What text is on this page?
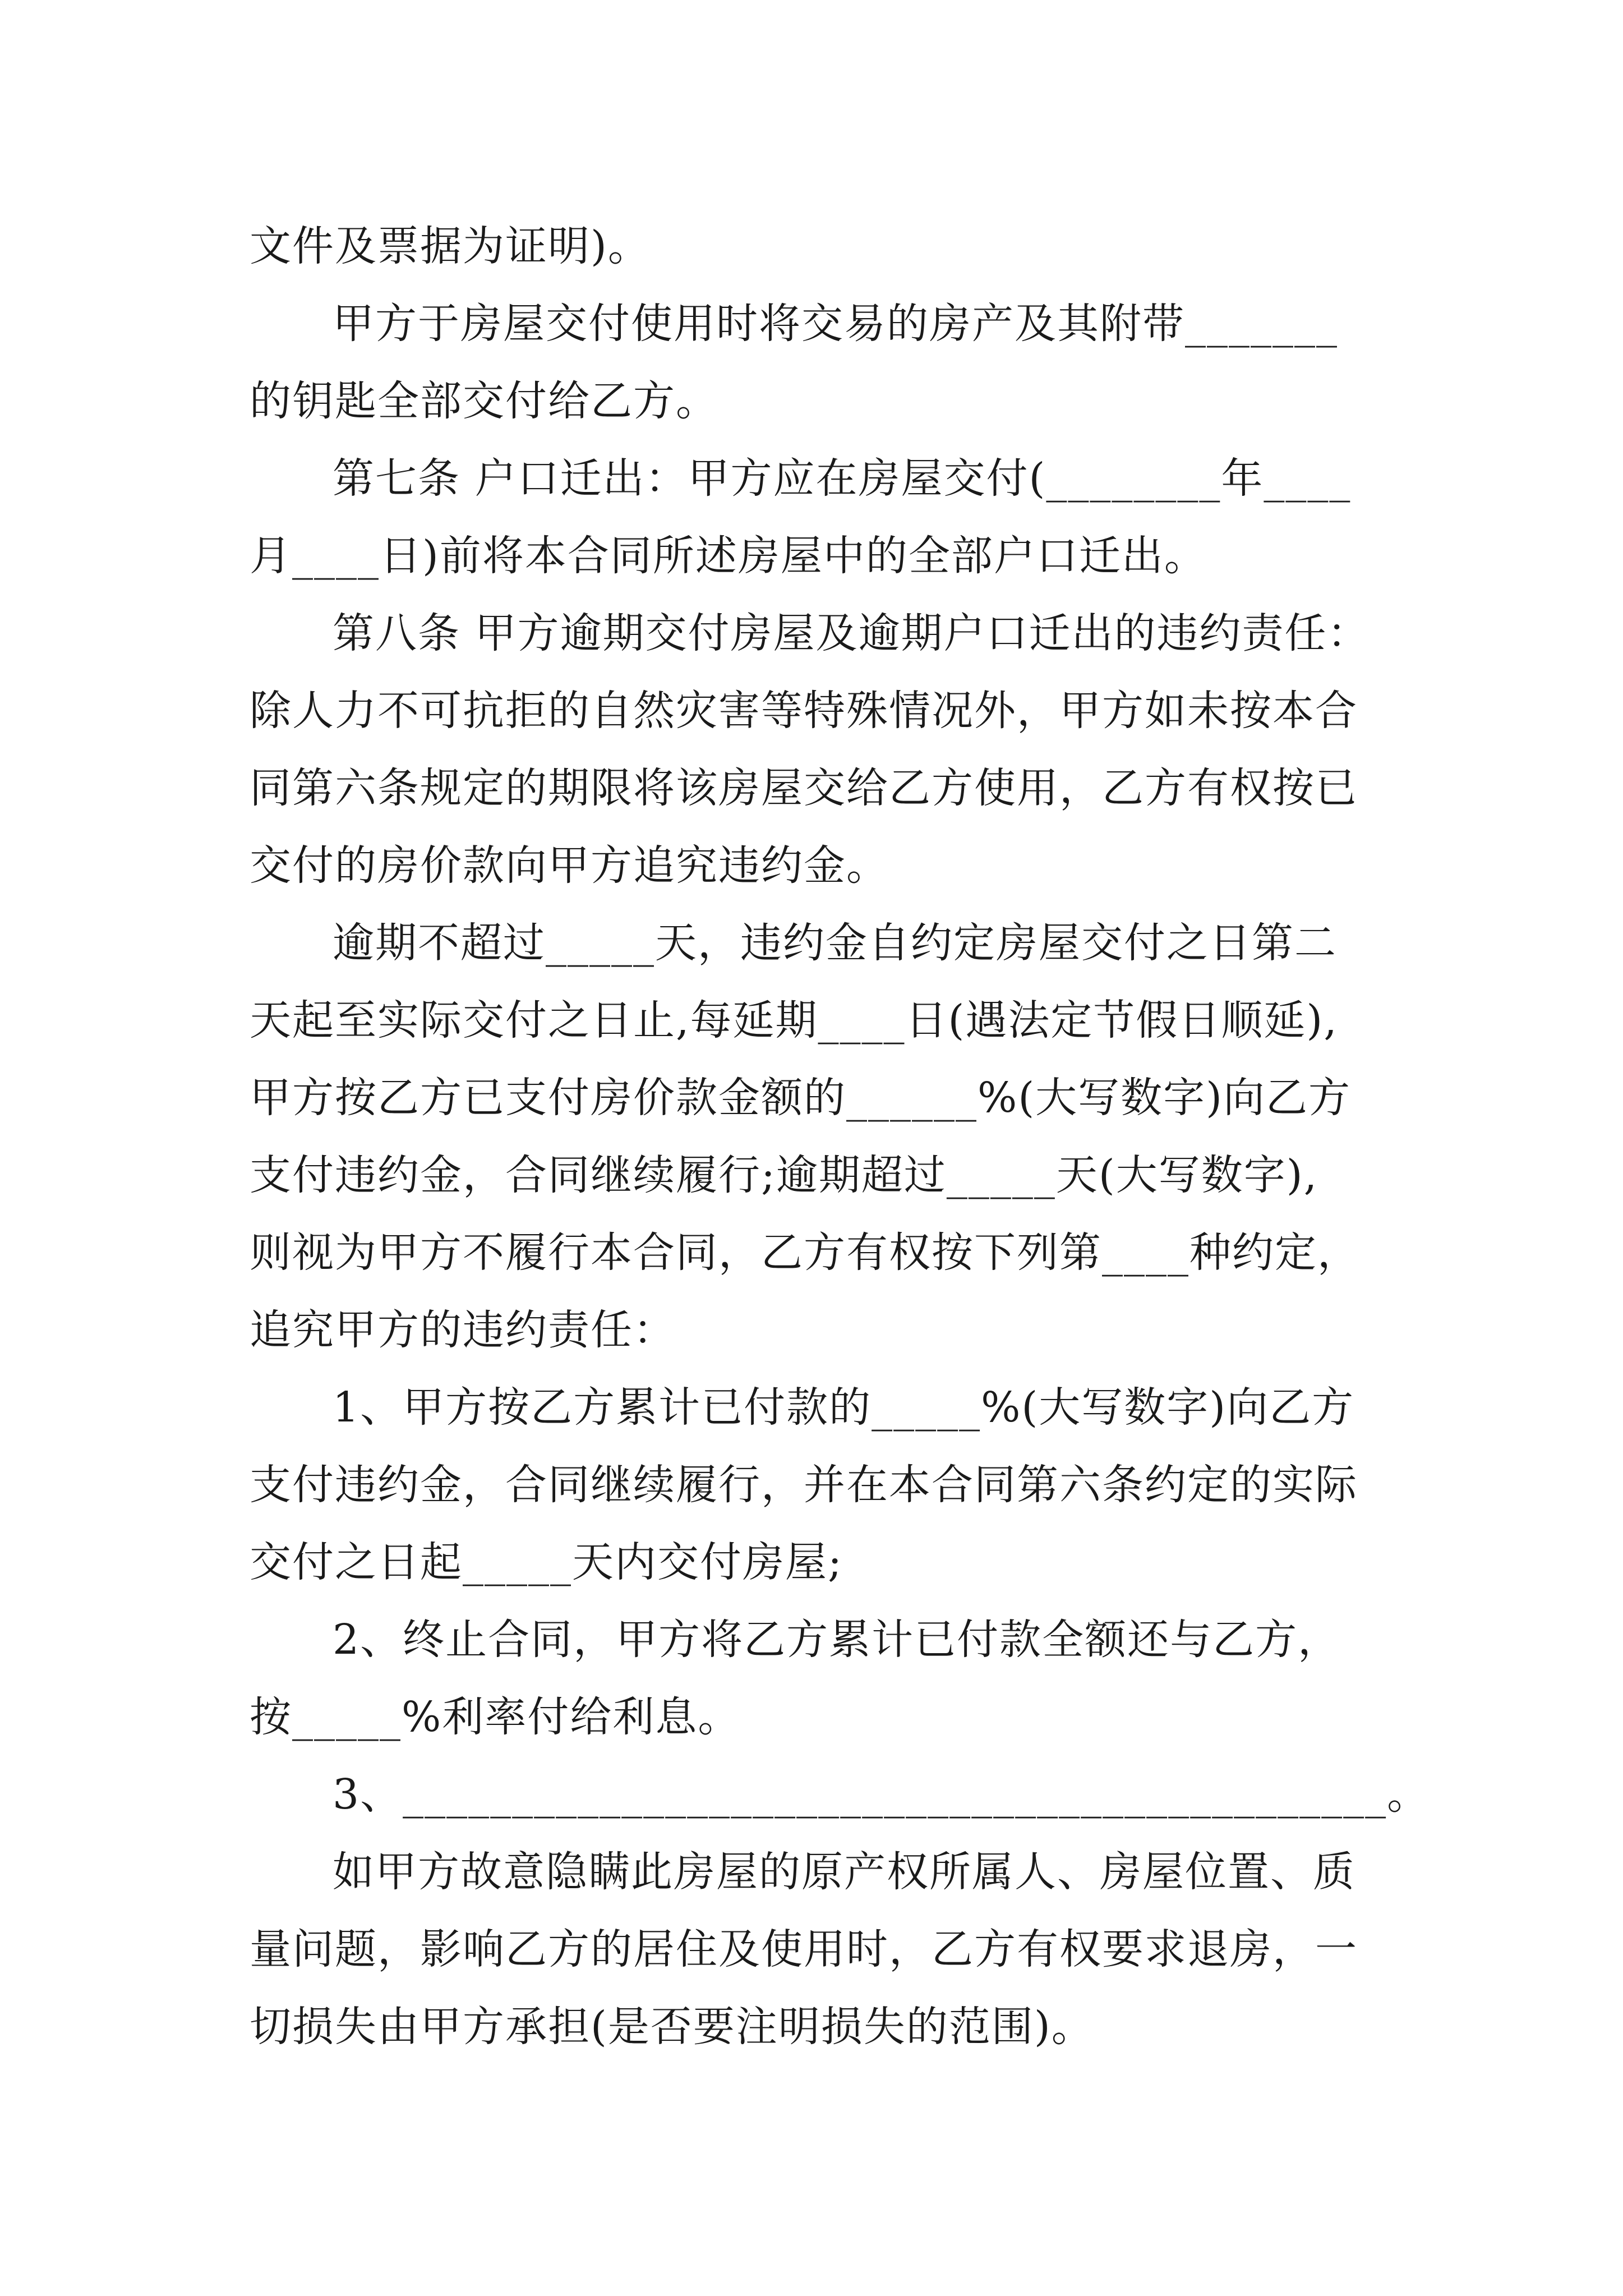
文件及票据为证明)。
甲方于房屋交付使用时将交易的房产及其附带_______
的钥匙全部交付给乙方。
第七条 户口迁出：甲方应在房屋交付(________年____
月____日)前将本合同所述房屋中的全部户口迁出。
第八条 甲方逾期交付房屋及逾期户口迁出的违约责任：
除人力不可抗拒的自然灾害等特殊情况外，甲方如未按本合
同第六条规定的期限将该房屋交给乙方使用，乙方有权按已
交付的房价款向甲方追究违约金。
逾期不超过_____天，违约金自约定房屋交付之日第二
天起至实际交付之日止,每延期____日(遇法定节假日顺延),
甲方按乙方已支付房价款金额的______%(大写数字)向乙方
支付违约金，合同继续履行;逾期超过_____天(大写数字),
则视为甲方不履行本合同，乙方有权按下列第____种约定，
追究甲方的违约责任：
1、甲方按乙方累计已付款的_____%(大写数字)向乙方
支付违约金，合同继续履行，并在本合同第六条约定的实际
交付之日起_____天内交付房屋;
2、终止合同，甲方将乙方累计已付款全额还与乙方，
按_____%利率付给利息。
3、_____________________________________________。
如甲方故意隐瞒此房屋的原产权所属人、房屋位置、质
量问题，影响乙方的居住及使用时，乙方有权要求退房，一
切损失由甲方承担(是否要注明损失的范围)。
